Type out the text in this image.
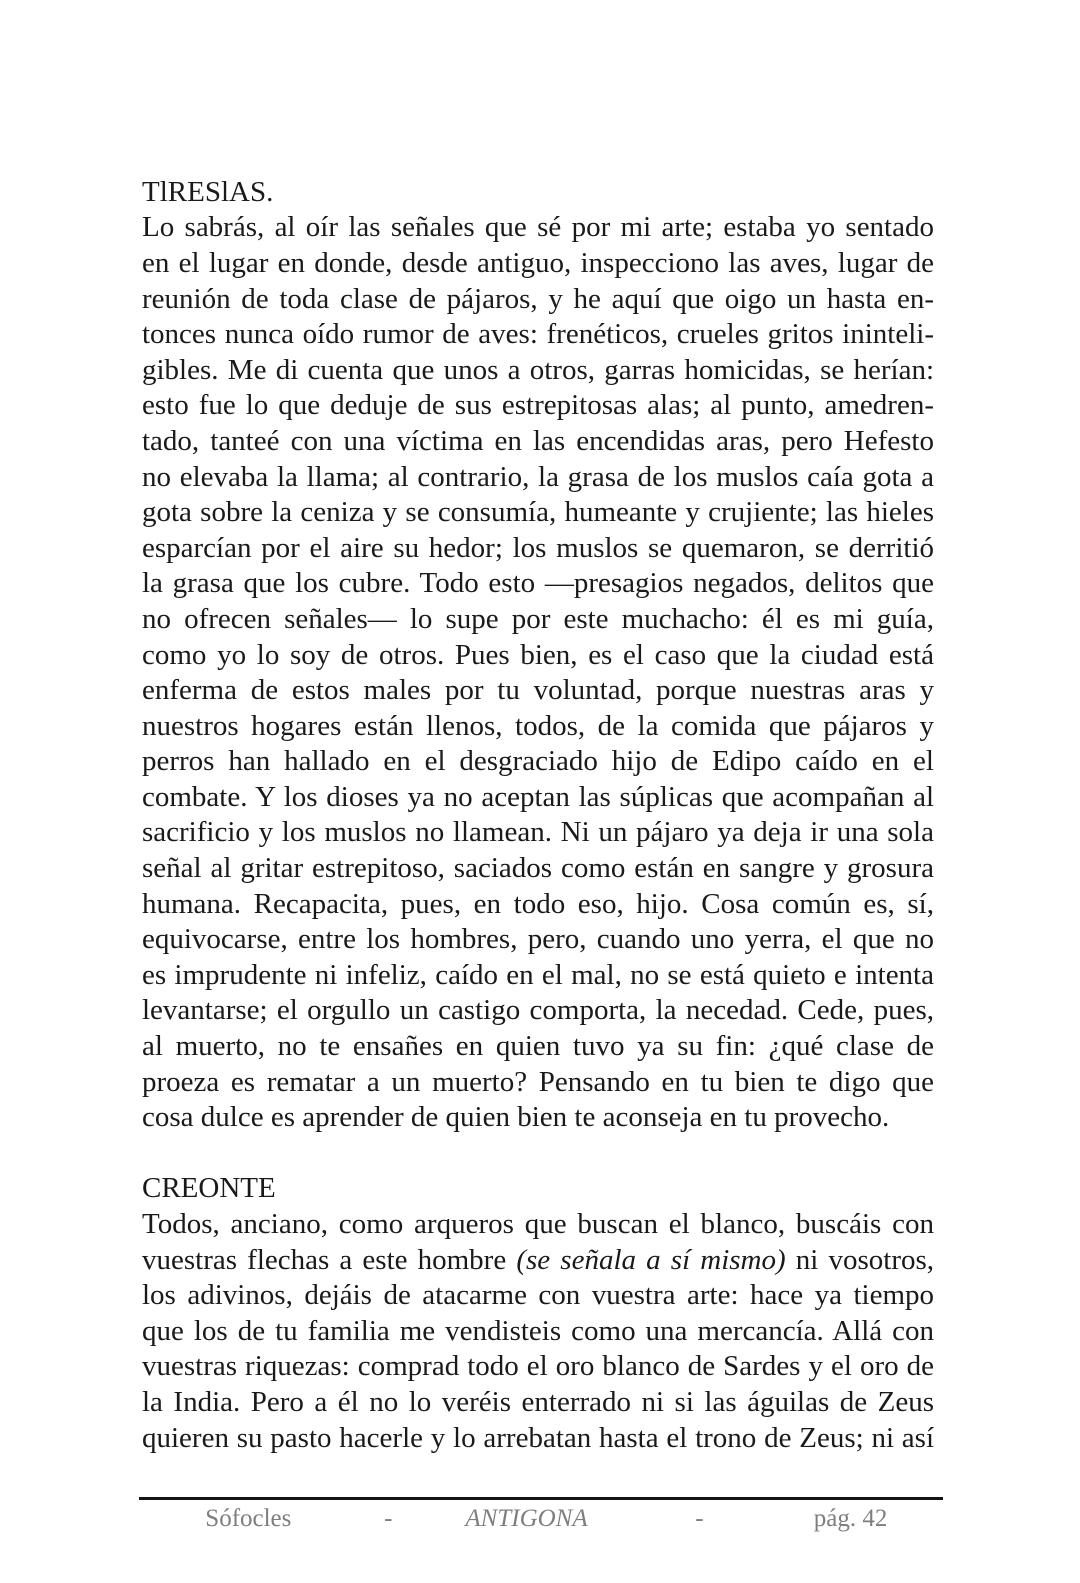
TlRESlAS.
Lo sabrás, al oír las señales que sé por mi arte; estaba yo sentado
en el lugar en donde, desde antiguo, inspecciono las aves, lugar de
reunión de toda clase de pájaros, y he aquí que oigo un hasta en-
tonces nunca oído rumor de aves: frenéticos, crueles gritos ininteli-
gibles. Me di cuenta que unos a otros, garras homicidas, se herían:
esto fue lo que deduje de sus estrepitosas alas; al punto, amedren-
tado, tanteé con una víctima en las encendidas aras, pero Hefesto
no elevaba la llama; al contrario, la grasa de los muslos caía gota a
gota sobre la ceniza y se consumía, humeante y crujiente; las hieles
esparcían por el aire su hedor; los muslos se quemaron, se derritió
la grasa que los cubre. Todo esto —presagios negados, delitos que
no ofrecen señales— lo supe por este muchacho: él es mi guía,
como yo lo soy de otros. Pues bien, es el caso que la ciudad está
enferma de estos males por tu voluntad, porque nuestras aras y
nuestros hogares están llenos, todos, de la comida que pájaros y
perros han hallado en el desgraciado hijo de Edipo caído en el
combate. Y los dioses ya no aceptan las súplicas que acompañan al
sacrificio y los muslos no llamean. Ni un pájaro ya deja ir una sola
señal al gritar estrepitoso, saciados como están en sangre y grosura
humana. Recapacita, pues, en todo eso, hijo. Cosa común es, sí,
equivocarse, entre los hombres, pero, cuando uno yerra, el que no
es imprudente ni infeliz, caído en el mal, no se está quieto e intenta
levantarse; el orgullo un castigo comporta, la necedad. Cede, pues,
al muerto, no te ensañes en quien tuvo ya su fin: ¿qué clase de
proeza es rematar a un muerto? Pensando en tu bien te digo que
cosa dulce es aprender de quien bien te aconseja en tu provecho.
CREONTE
Todos, anciano, como arqueros que buscan el blanco, buscáis con
vuestras flechas a este hombre (se señala a sí mismo) ni vosotros,
los adivinos, dejáis de atacarme con vuestra arte: hace ya tiempo
que los de tu familia me vendisteis como una mercancía. Allá con
vuestras riquezas: comprad todo el oro blanco de Sardes y el oro de
la India. Pero a él no lo veréis enterrado ni si las águilas de Zeus
quieren su pasto hacerle y lo arrebatan hasta el trono de Zeus; ni así
Sófocles	-	ANTIGONA	-	pág. 42
